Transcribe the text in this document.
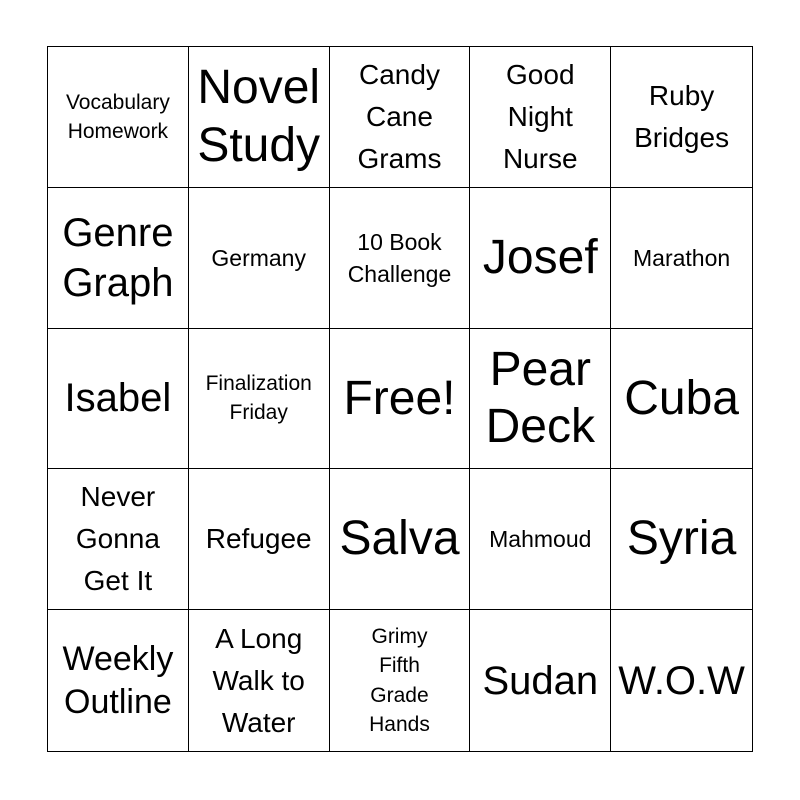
Vocabulary
Homework
Novel
Study
Candy
Cane
Grams
Good
Night
Nurse
Ruby
Bridges
Genre
Graph
Germany
10 Book
Challenge Josef Marathon
Isabel Finalization
Friday	Free!
Pear
Deck
Cuba
Never
Gonna
Get It
Refugee Salva Mahmoud Syria
Weekly
Outline
A Long
Walk to
Water
Grimy
Fifth
Grade
Hands
Sudan W.O.W
